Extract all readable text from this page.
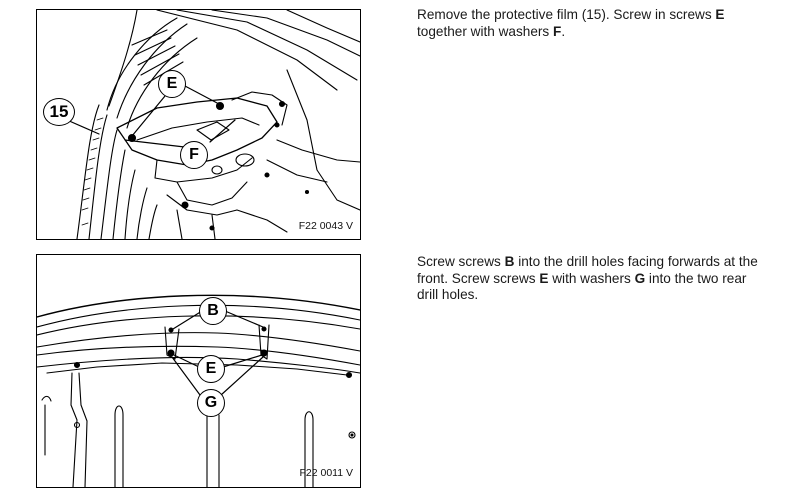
15
E
F
F22 0043 V
B
E
G
F22 0011 V
Remove the protective film (15). Screw in screws E together with washers F.
Screw screws B into the drill holes facing forwards at the front. Screw screws E with washers G into the two rear drill holes.
